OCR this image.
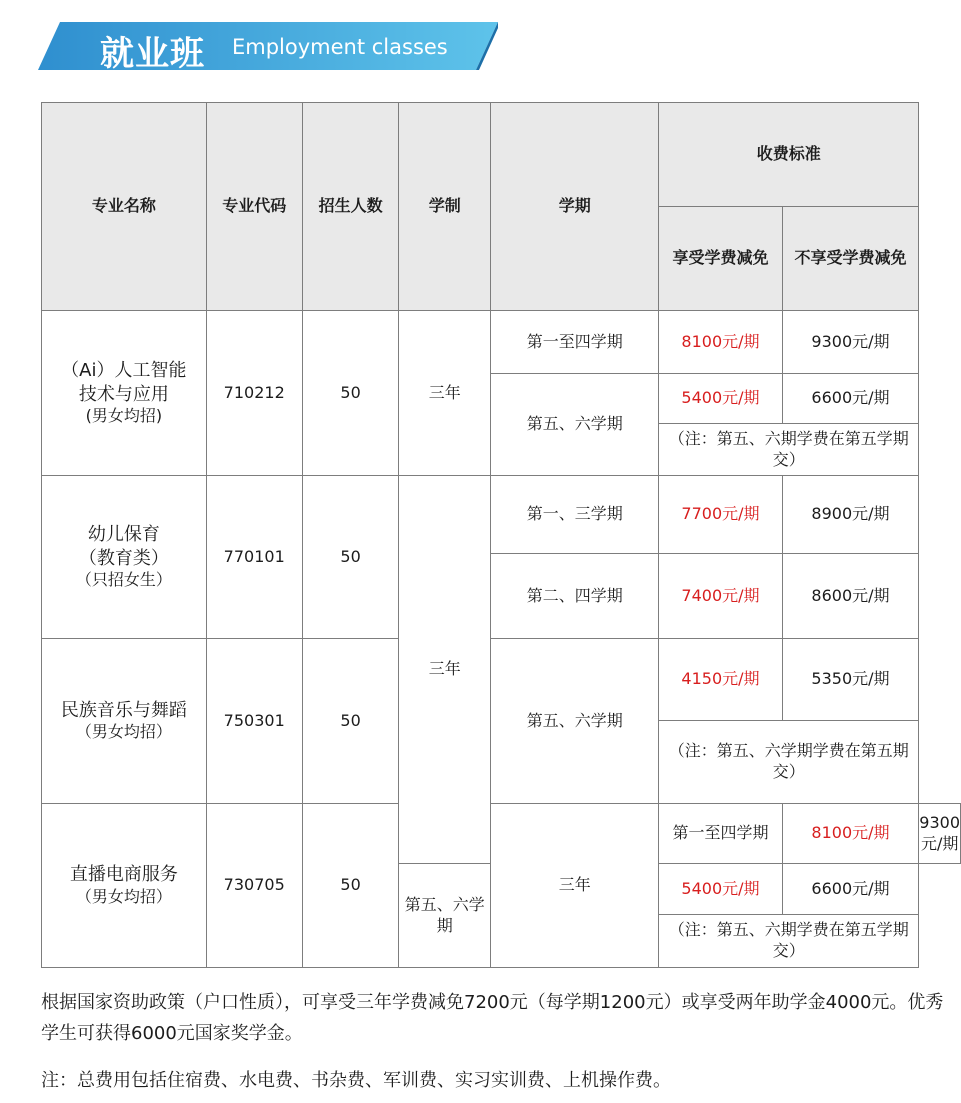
就业班 Employment classes
专业名称	专业代码	招生人数	学制	学期	收费标准		
					享受学费减免	不享受学费减免	

（Ai）人工智能
技术与应用
(男女均招)	710212	50	三年	第一至四学期	8100元/期	9300元/期	
				第五、六学期	5400元/期	6600元/期	
					（注：第五、六期学费在第五学期交）		

幼儿保育
（教育类）
（只招女生）	770101	50	三年	第一、三学期	7700元/期	8900元/期	
				第二、四学期	7400元/期	8600元/期	

民族音乐与舞蹈
（男女均招）	750301	50		第五、六学期	4150元/期	5350元/期	
					（注：第五、六学期学费在第五期交）		

直播电商服务
（男女均招）	730705	50		三年	第一至四学期	8100元/期	9300元/期
			第五、六学期		5400元/期	6600元/期	
					（注：第五、六期学费在第五学期交）		
根据国家资助政策（户口性质），可享受三年学费减免7200元（每学期1200元）或享受两年助学金4000元。优秀学生可获得6000元国家奖学金。
注：总费用包括住宿费、水电费、书杂费、军训费、实习实训费、上机操作费。
